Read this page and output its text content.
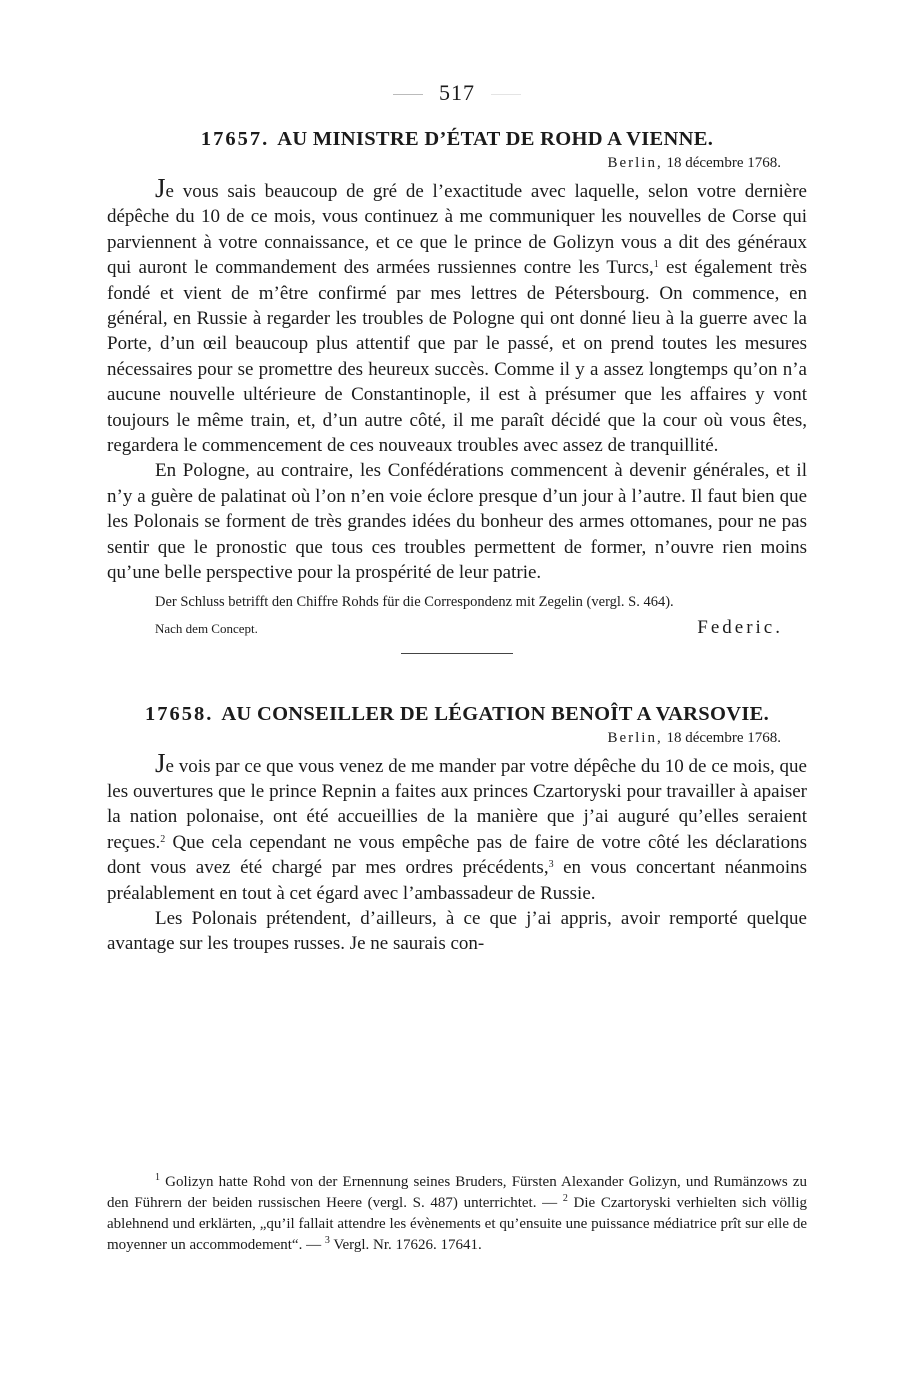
517
17657. AU MINISTRE D’ÉTAT DE ROHD A VIENNE.
Berlin, 18 décembre 1768.

Je vous sais beaucoup de gré de l’exactitude avec laquelle, selon votre dernière dépêche du 10 de ce mois, vous continuez à me communiquer les nouvelles de Corse qui parviennent à votre connaissance, et ce que le prince de Golizyn vous a dit des généraux qui auront le commandement des armées russiennes contre les Turcs,$^1$ est également très fondé et vient de m’être confirmé par mes lettres de Pétersbourg. On commence, en général, en Russie à regarder les troubles de Pologne qui ont donné lieu à la guerre avec la Porte, d’un œil beaucoup plus attentif que par le passé, et on prend toutes les mesures nécessaires pour se promettre des heureux succès. Comme il y a assez longtemps qu’on n’a aucune nouvelle ultérieure de Constantinople, il est à présumer que les affaires y vont toujours le même train, et, d’un autre côté, il me paraît décidé que la cour où vous êtes, regardera le commencement de ces nouveaux troubles avec assez de tranquillité.

En Pologne, au contraire, les Confédérations commencent à devenir générales, et il n’y a guère de palatinat où l’on n’en voie éclore presque d’un jour à l’autre. Il faut bien que les Polonais se forment de très grandes idées du bonheur des armes ottomanes, pour ne pas sentir que le pronostic que tous ces troubles permettent de former, n’ouvre rien moins qu’une belle perspective pour la prospérité de leur patrie.

Der Schluss betrifft den Chiffre Rohds für die Correspondenz mit Zegelin (vergl. S. 464).

Nach dem Concept.	Federic.
17658. AU CONSEILLER DE LÉGATION BENOÎT A VARSOVIE.
Berlin, 18 décembre 1768.

Je vois par ce que vous venez de me mander par votre dépêche du 10 de ce mois, que les ouvertures que le prince Repnin a faites aux princes Czartoryski pour travailler à apaiser la nation polonaise, ont été accueillies de la manière que j’ai auguré qu’elles seraient reçues.$^2$ Que cela cependant ne vous empêche pas de faire de votre côté les déclarations dont vous avez été chargé par mes ordres précédents,$^3$ en vous concertant néanmoins préalablement en tout à cet égard avec l’ambassadeur de Russie.

Les Polonais prétendent, d’ailleurs, à ce que j’ai appris, avoir remporté quelque avantage sur les troupes russes. Je ne saurais con-

$^1$ Golizyn hatte Rohd von der Ernennung seines Bruders, Fürsten Alexander Golizyn, und Rumänzows zu den Führern der beiden russischen Heere (vergl. S. 487) unterrichtet. — $^2$ Die Czartoryski verhielten sich völlig ablehnend und erklärten, „qu’il fallait attendre les évènements et qu’ensuite une puissance médiatrice prît sur elle de moyenner un accommodement“. — $^3$ Vergl. Nr. 17626. 17641.
